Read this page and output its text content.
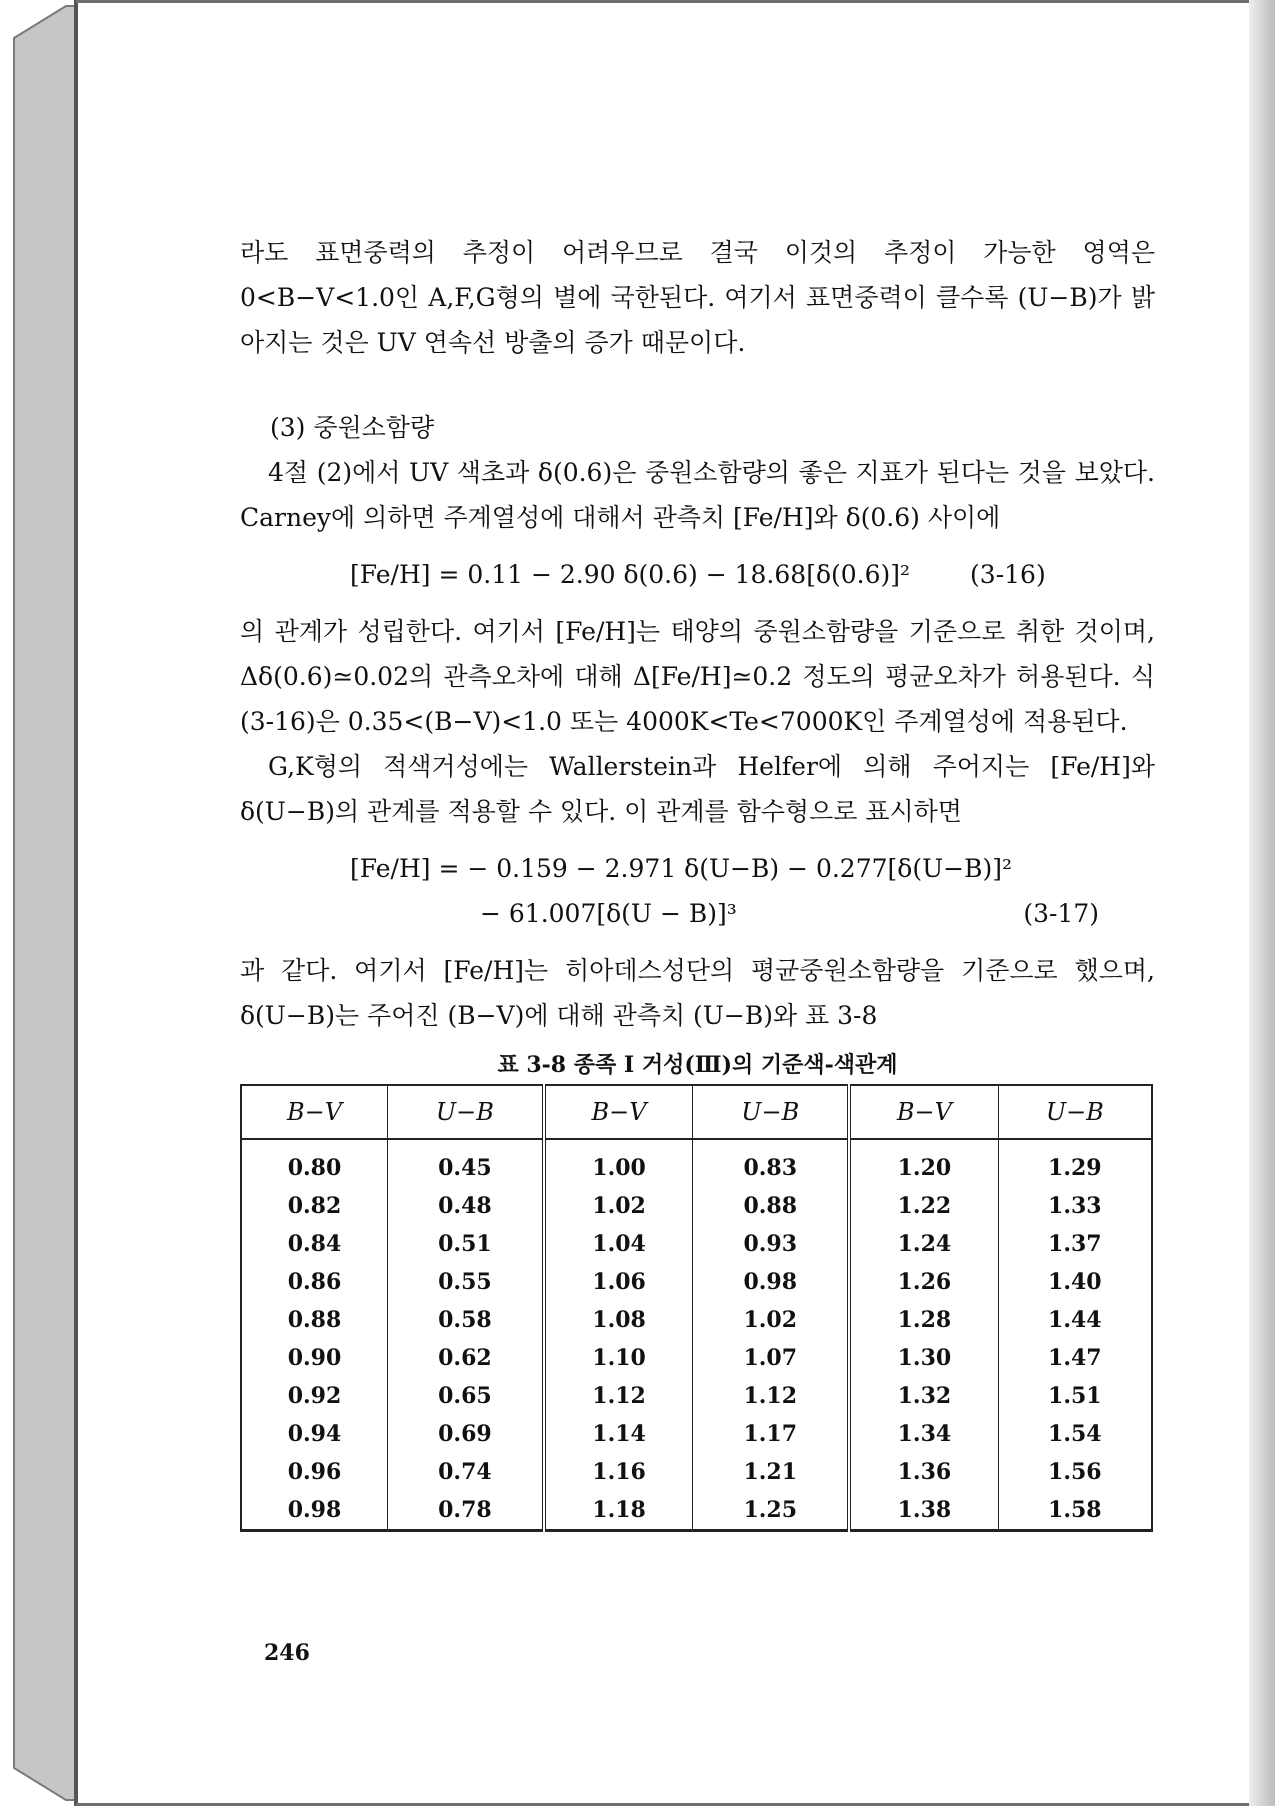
라도 표면중력의 추정이 어려우므로 결국 이것의 추정이 가능한 영역은 0<B−V<1.0인 A,F,G형의 별에 국한된다. 여기서 표면중력이 클수록 (U−B)가 밝아지는 것은 UV 연속선 방출의 증가 때문이다.

(3) 중원소함량

4절 (2)에서 UV 색초과 δ(0.6)은 중원소함량의 좋은 지표가 된다는 것을 보았다. Carney에 의하면 주계열성에 대해서 관측치 [Fe/H]와 δ(0.6) 사이에

[Fe/H] = 0.11 − 2.90 δ(0.6) − 18.68[δ(0.6)]² (3-16)

의 관계가 성립한다. 여기서 [Fe/H]는 태양의 중원소함량을 기준으로 취한 것이며, Δδ(0.6)≃0.02의 관측오차에 대해 Δ[Fe/H]≃0.2 정도의 평균오차가 허용된다. 식 (3-16)은 0.35<(B−V)<1.0 또는 4000K<Te<7000K인 주계열성에 적용된다.

G,K형의 적색거성에는 Wallerstein과 Helfer에 의해 주어지는 [Fe/H]와 δ(U−B)의 관계를 적용할 수 있다. 이 관계를 함수형으로 표시하면

[Fe/H] = − 0.159 − 2.971 δ(U−B) − 0.277[δ(U−B)]²
− 61.007[δ(U − B)]³	(3-17)

과 같다. 여기서 [Fe/H]는 히아데스성단의 평균중원소함량을 기준으로 했으며, δ(U−B)는 주어진 (B−V)에 대해 관측치 (U−B)와 표 3-8

표 3-8 종족 I 거성(Ⅲ)의 기준색-색관계
B−V	U−B	B−V	U−B	B−V	U−B
0.80	0.45	1.00	0.83	1.20	1.29
0.82	0.48	1.02	0.88	1.22	1.33
0.84	0.51	1.04	0.93	1.24	1.37
0.86	0.55	1.06	0.98	1.26	1.40
0.88	0.58	1.08	1.02	1.28	1.44
0.90	0.62	1.10	1.07	1.30	1.47
0.92	0.65	1.12	1.12	1.32	1.51
0.94	0.69	1.14	1.17	1.34	1.54
0.96	0.74	1.16	1.21	1.36	1.56
0.98	0.78	1.18	1.25	1.38	1.58
246
